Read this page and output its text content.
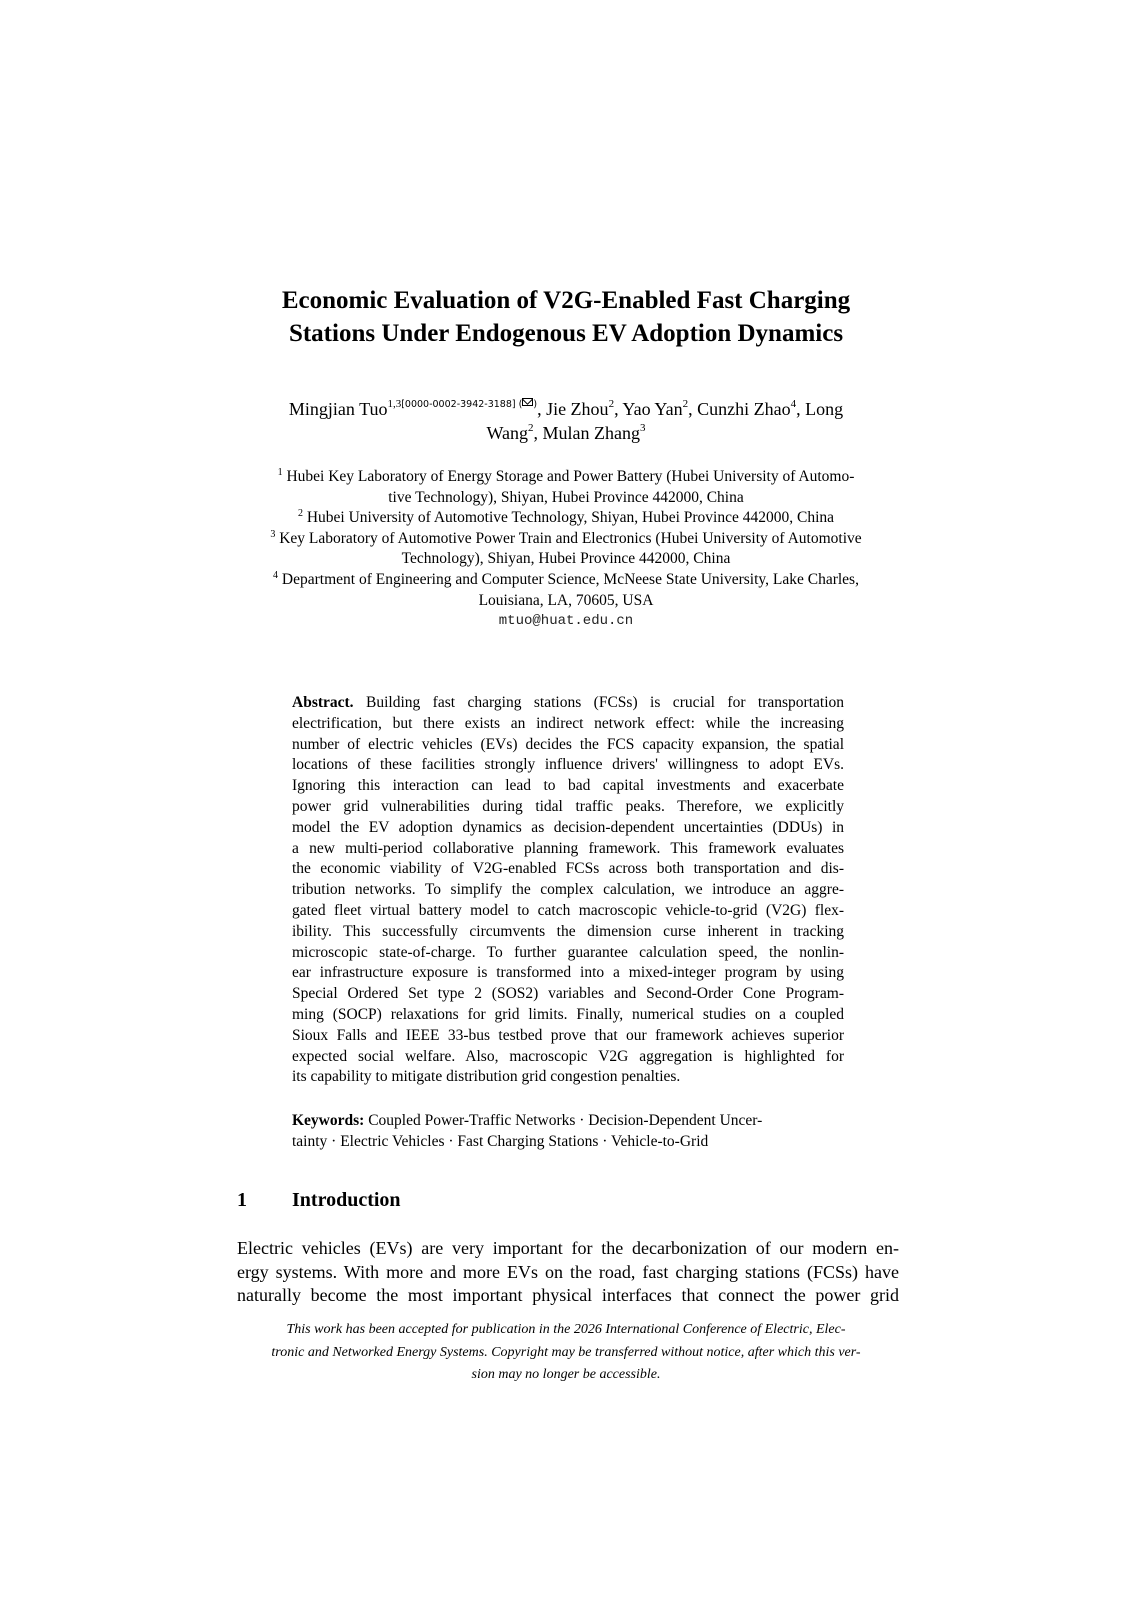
Economic Evaluation of V2G-Enabled Fast Charging
Stations Under Endogenous EV Adoption Dynamics
Mingjian Tuo$^{1,3[0000-0002-3942-3188] ( )}$, Jie Zhou$^2$, Yao Yan$^2$, Cunzhi Zhao$^4$, Long
Wang$^2$, Mulan Zhang$^3$
$^1$ Hubei Key Laboratory of Energy Storage and Power Battery (Hubei University of Automo-
tive Technology), Shiyan, Hubei Province 442000, China
$^2$ Hubei University of Automotive Technology, Shiyan, Hubei Province 442000, China
$^3$ Key Laboratory of Automotive Power Train and Electronics (Hubei University of Automotive
Technology), Shiyan, Hubei Province 442000, China
$^4$ Department of Engineering and Computer Science, McNeese State University, Lake Charles,
Louisiana, LA, 70605, USA
mtuo@huat.edu.cn
Abstract. Building fast charging stations (FCSs) is crucial for transportation
electrification, but there exists an indirect network effect: while the increasing
number of electric vehicles (EVs) decides the FCS capacity expansion, the spatial
locations of these facilities strongly influence drivers' willingness to adopt EVs.
Ignoring this interaction can lead to bad capital investments and exacerbate
power grid vulnerabilities during tidal traffic peaks. Therefore, we explicitly
model the EV adoption dynamics as decision-dependent uncertainties (DDUs) in
a new multi-period collaborative planning framework. This framework evaluates
the economic viability of V2G-enabled FCSs across both transportation and dis-
tribution networks. To simplify the complex calculation, we introduce an aggre-
gated fleet virtual battery model to catch macroscopic vehicle-to-grid (V2G) flex-
ibility. This successfully circumvents the dimension curse inherent in tracking
microscopic state-of-charge. To further guarantee calculation speed, the nonlin-
ear infrastructure exposure is transformed into a mixed-integer program by using
Special Ordered Set type 2 (SOS2) variables and Second-Order Cone Program-
ming (SOCP) relaxations for grid limits. Finally, numerical studies on a coupled
Sioux Falls and IEEE 33-bus testbed prove that our framework achieves superior
expected social welfare. Also, macroscopic V2G aggregation is highlighted for
its capability to mitigate distribution grid congestion penalties.
Keywords: Coupled Power-Traffic Networks · Decision-Dependent Uncer-
tainty · Electric Vehicles · Fast Charging Stations · Vehicle-to-Grid
1 Introduction
Electric vehicles (EVs) are very important for the decarbonization of our modern en-
ergy systems. With more and more EVs on the road, fast charging stations (FCSs) have
naturally become the most important physical interfaces that connect the power grid
This work has been accepted for publication in the 2026 International Conference of Electric, Elec-
tronic and Networked Energy Systems. Copyright may be transferred without notice, after which this ver-
sion may no longer be accessible.
